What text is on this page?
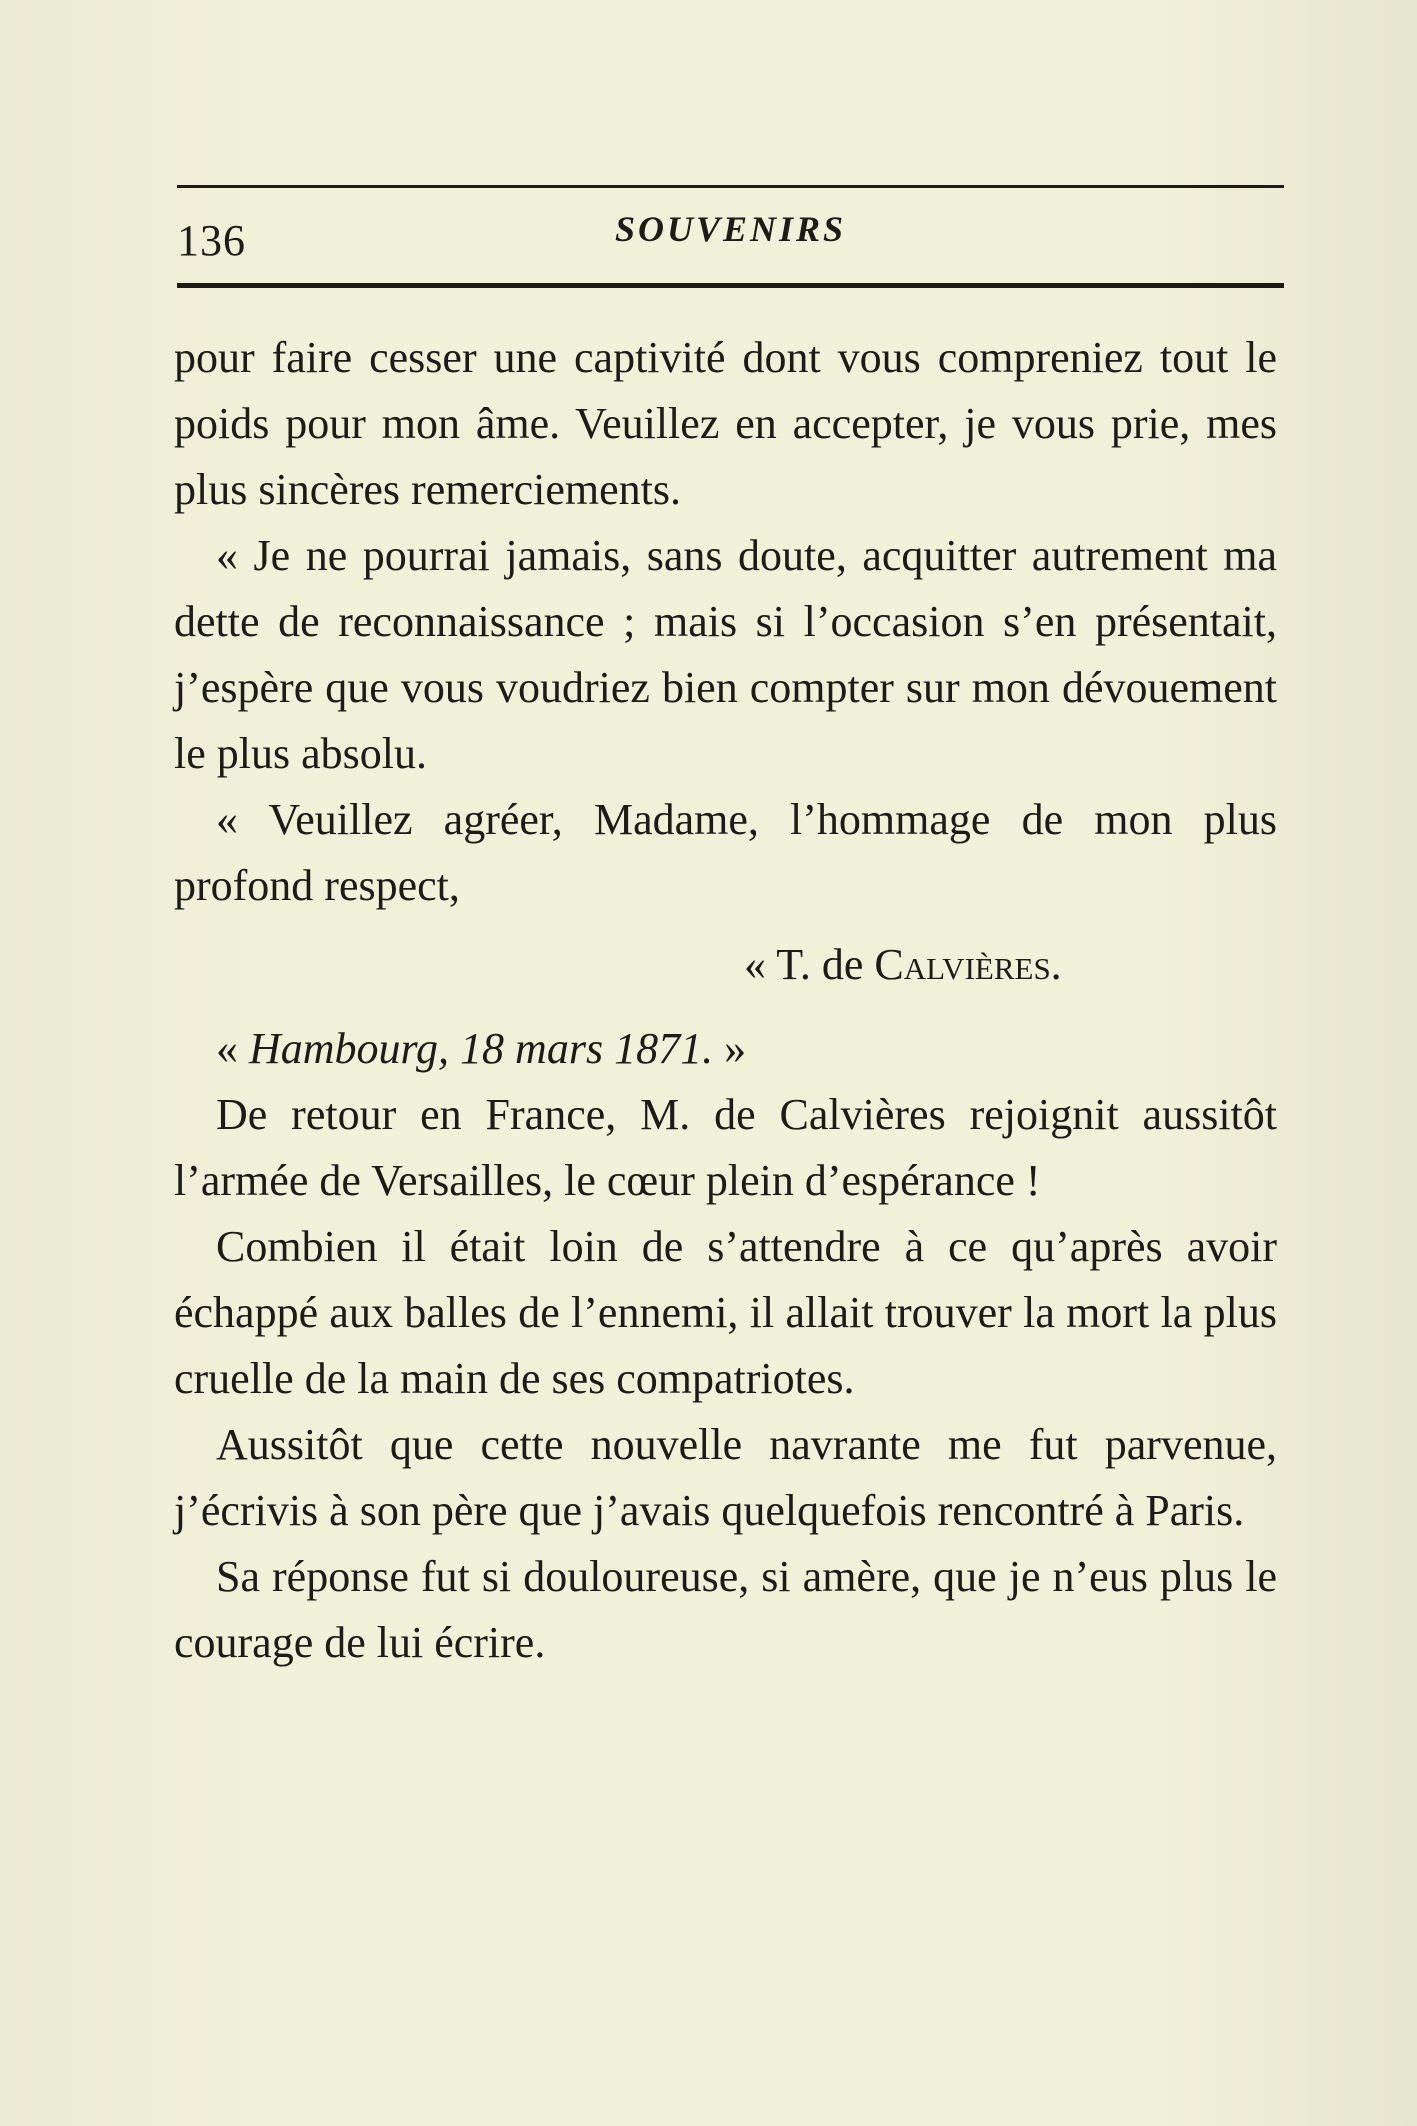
136	SOUVENIRS

pour faire cesser une captivité dont vous compreniez tout le poids pour mon âme. Veuillez en accepter, je vous prie, mes plus sincères remerciements.

« Je ne pourrai jamais, sans doute, acquitter autrement ma dette de reconnaissance ; mais si l’occasion s’en présentait, j’espère que vous voudriez bien compter sur mon dévouement le plus absolu.

« Veuillez agréer, Madame, l’hommage de mon plus profond respect,

« T. de Calvières.
« Hambourg, 18 mars 1871. »

De retour en France, M. de Calvières rejoignit aussitôt l’armée de Versailles, le cœur plein d’espérance !

Combien il était loin de s’attendre à ce qu’après avoir échappé aux balles de l’ennemi, il allait trouver la mort la plus cruelle de la main de ses compatriotes.

Aussitôt que cette nouvelle navrante me fut parvenue, j’écrivis à son père que j’avais quelquefois rencontré à Paris.

Sa réponse fut si douloureuse, si amère, que je n’eus plus le courage de lui écrire.
